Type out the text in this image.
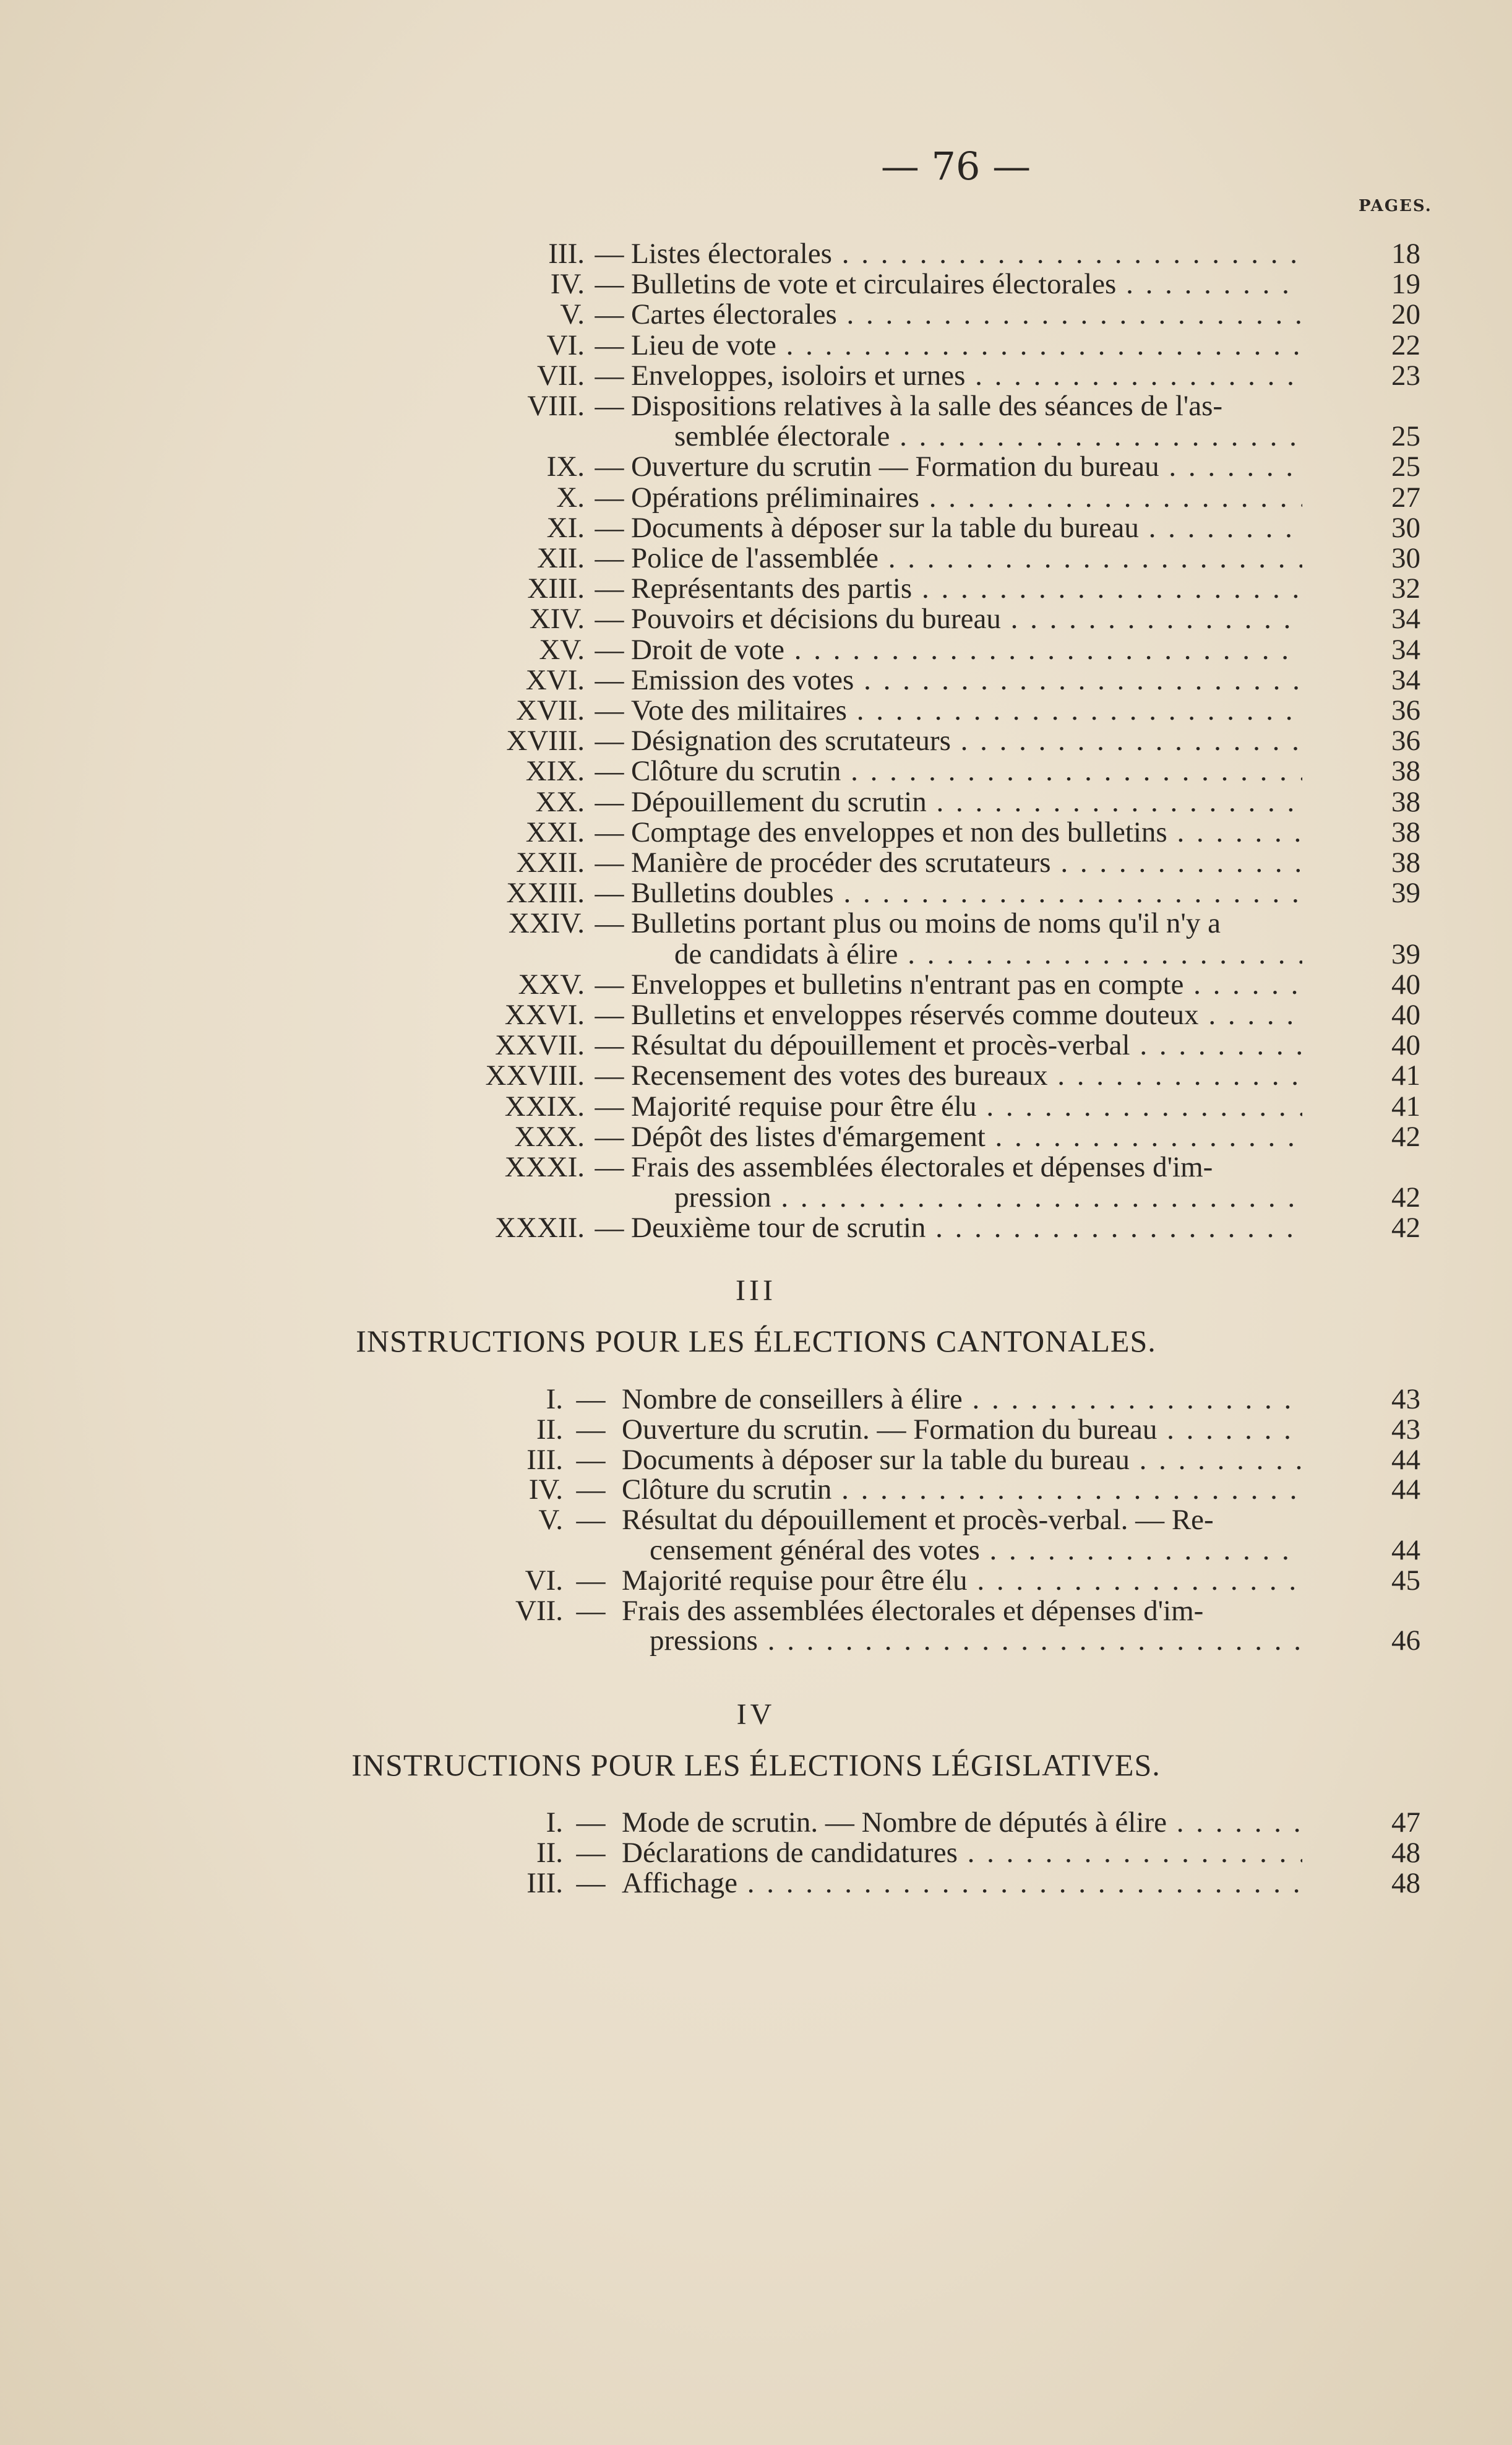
— 76 —
PAGES.
III. — Listes électorales . . .	18
IV. — Bulletins de vote et circulaires électorales . . .	19
V. — Cartes électorales . . .	20
VI. — Lieu de vote . . .	22
VII. — Enveloppes, isoloirs et urnes . . .	23
VIII. — Dispositions relatives à la salle des séances de l'as-
semblée électorale . . .	25
IX. — Ouverture du scrutin — Formation du bureau . . .	25
X. — Opérations préliminaires . . .	27
XI. — Documents à déposer sur la table du bureau . . .	30
XII. — Police de l'assemblée . . .	30
XIII. — Représentants des partis . . .	32
XIV. — Pouvoirs et décisions du bureau . . .	34
XV. — Droit de vote . . .	34
XVI. — Emission des votes . . .	34
XVII. — Vote des militaires . . .	36
XVIII. — Désignation des scrutateurs . . .	36
XIX. — Clôture du scrutin . . .	38
XX. — Dépouillement du scrutin . . .	38
XXI. — Comptage des enveloppes et non des bulletins . . .	38
XXII. — Manière de procéder des scrutateurs . . .	38
XXIII. — Bulletins doubles . . .	39
XXIV. — Bulletins portant plus ou moins de noms qu'il n'y a
de candidats à élire . . .	39
XXV. — Enveloppes et bulletins n'entrant pas en compte . . .	40
XXVI. — Bulletins et enveloppes réservés comme douteux . . .	40
XXVII. — Résultat du dépouillement et procès-verbal . . .	40
XXVIII. — Recensement des votes des bureaux . . .	41
XXIX. — Majorité requise pour être élu . . .	41
XXX. — Dépôt des listes d'émargement . . .	42
XXXI. — Frais des assemblées électorales et dépenses d'im-
pression . . .	42
XXXII. — Deuxième tour de scrutin . . .	42
III
INSTRUCTIONS POUR LES ÉLECTIONS CANTONALES.
I. — Nombre de conseillers à élire . . .	43
II. — Ouverture du scrutin. — Formation du bureau . . .	43
III. — Documents à déposer sur la table du bureau . . .	44
IV. — Clôture du scrutin . . .	44
V. — Résultat du dépouillement et procès-verbal. — Re-
censement général des votes . . .	44
VI. — Majorité requise pour être élu . . .	45
VII. — Frais des assemblées électorales et dépenses d'im-
pressions . . .	46
IV
INSTRUCTIONS POUR LES ÉLECTIONS LÉGISLATIVES.
I. — Mode de scrutin. — Nombre de députés à élire . . .	47
II. — Déclarations de candidatures . . .	48
III. — Affichage . . .	48
